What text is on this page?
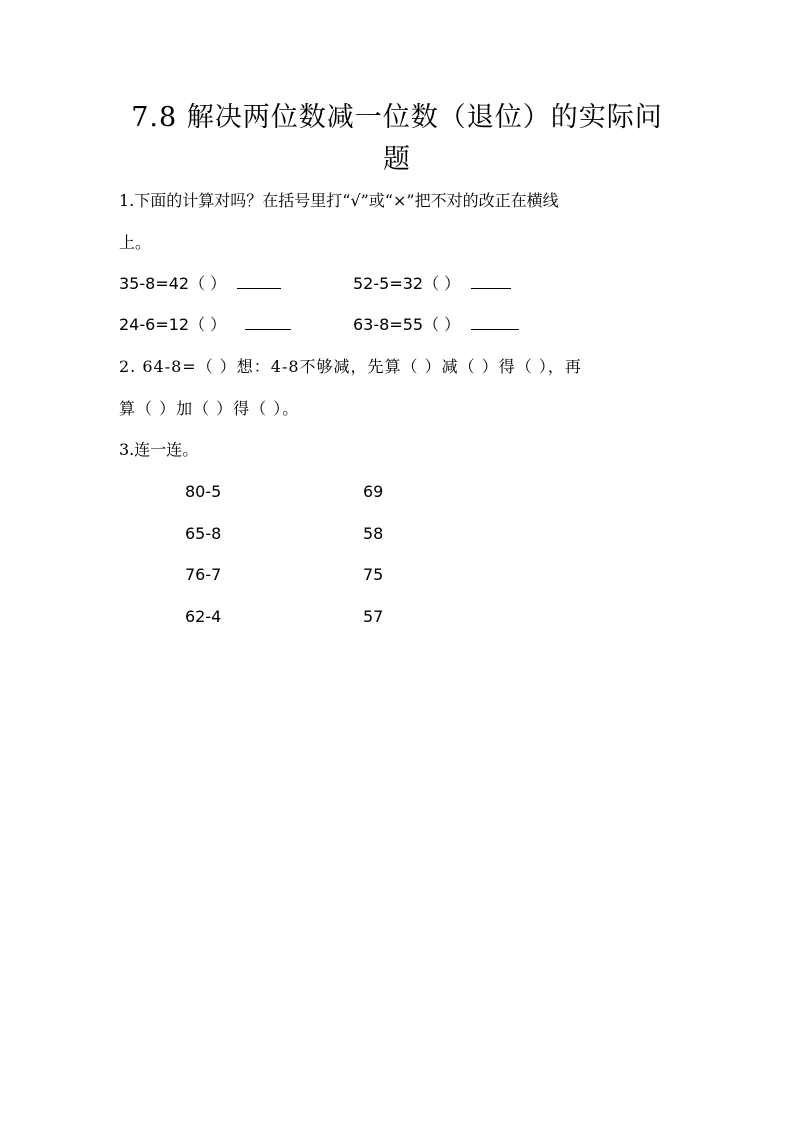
7.8 解决两位数减一位数（退位）的实际问
题
1.下面的计算对吗？在括号里打“√”或“×”把不对的改正在横线
上。
35-8=42（ ）	52-5=32（ ）
24-6=12（ ）	63-8=55（ ）
2. 64-8=（ ）想：4-8不够减，先算（ ）减（ ）得（ ），再
算（ ）加（ ）得（ ）。
3.连一连。
80-5
65-8
76-7
62-4
69
58
75
57
